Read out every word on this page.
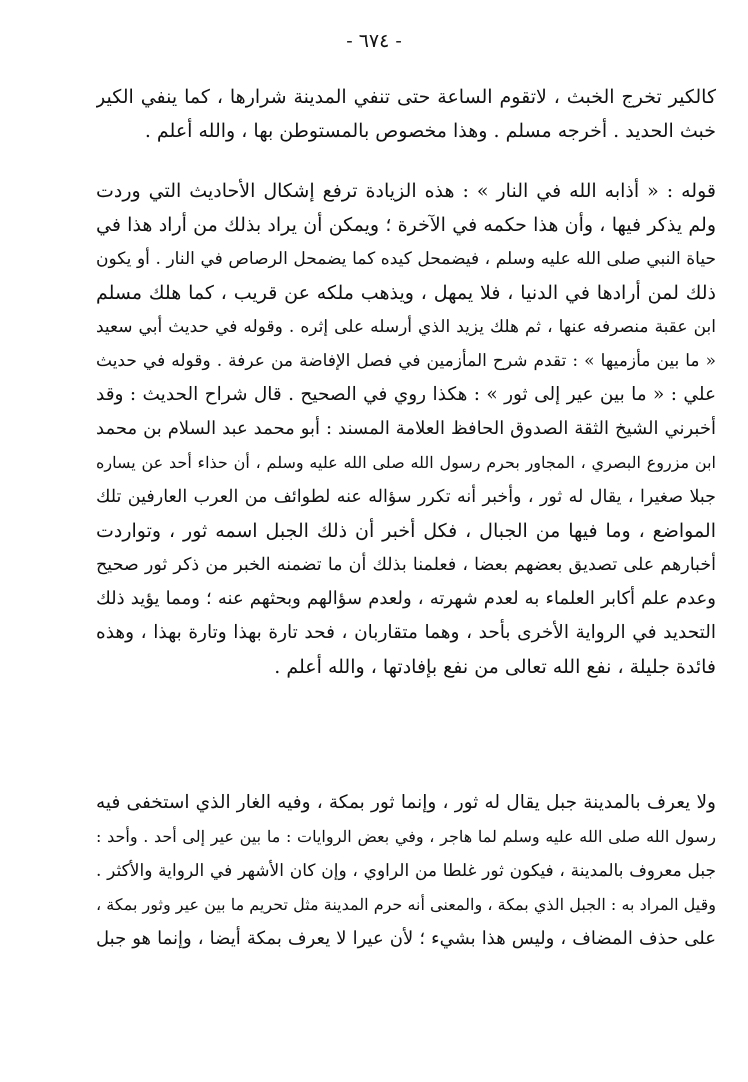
- ٦٧٤ -
كالكير تخرج الخبث ، لاتقوم الساعة حتى تنفي المدينة شرارها ، كما ينفي الكير
خبث الحديد . أخرجه مسلم . وهذا مخصوص بالمستوطن بها ، والله أعلم .
قوله : « أذابه الله في النار » : هذه الزيادة ترفع إشكال الأحاديث التي وردت
ولم يذكر فيها ، وأن هذا حكمه في الآخرة ؛ ويمكن أن يراد بذلك من أراد هذا في
حياة النبي صلى الله عليه وسلم ، فيضمحل كيده كما يضمحل الرصاص في النار . أو يكون
ذلك لمن أرادها في الدنيا ، فلا يمهل ، ويذهب ملكه عن قريب ، كما هلك مسلم
ابن عقبة منصرفه عنها ، ثم هلك يزيد الذي أرسله على إثره . وقوله في حديث أبي سعيد
« ما بين مأزميها » : تقدم شرح المأزمين في فصل الإفاضة من عرفة . وقوله في حديث
علي : « ما بين عير إلى ثور » : هكذا روي في الصحيح . قال شراح الحديث : وقد
أخبرني الشيخ الثقة الصدوق الحافظ العلامة المسند : أبو محمد عبد السلام بن محمد
ابن مزروع البصري ، المجاور بحرم رسول الله صلى الله عليه وسلم ، أن حذاء أحد عن يساره
جبلا صغيرا ، يقال له ثور ، وأخبر أنه تكرر سؤاله عنه لطوائف من العرب العارفين تلك
المواضع ، وما فيها من الجبال ، فكل أخبر أن ذلك الجبل اسمه ثور ، وتواردت
أخبارهم على تصديق بعضهم بعضا ، فعلمنا بذلك أن ما تضمنه الخبر من ذكر ثور صحيح
وعدم علم أكابر العلماء به لعدم شهرته ، ولعدم سؤالهم وبحثهم عنه ؛ ومما يؤيد ذلك
التحديد في الرواية الأخرى بأحد ، وهما متقاربان ، فحد تارة بهذا وتارة بهذا ، وهذه
فائدة جليلة ، نفع الله تعالى من نفع بإفادتها ، والله أعلم .
ولا يعرف بالمدينة جبل يقال له ثور ، وإنما ثور بمكة ، وفيه الغار الذي استخفى فيه
رسول الله صلى الله عليه وسلم لما هاجر ، وفي بعض الروايات : ما بين عير إلى أحد . وأحد :
جبل معروف بالمدينة ، فيكون ثور غلطا من الراوي ، وإن كان الأشهر في الرواية والأكثر .
وقيل المراد به : الجبل الذي بمكة ، والمعنى أنه حرم المدينة مثل تحريم ما بين عير وثور بمكة ،
على حذف المضاف ، وليس هذا بشيء ؛ لأن عيرا لا يعرف بمكة أيضا ، وإنما هو جبل
